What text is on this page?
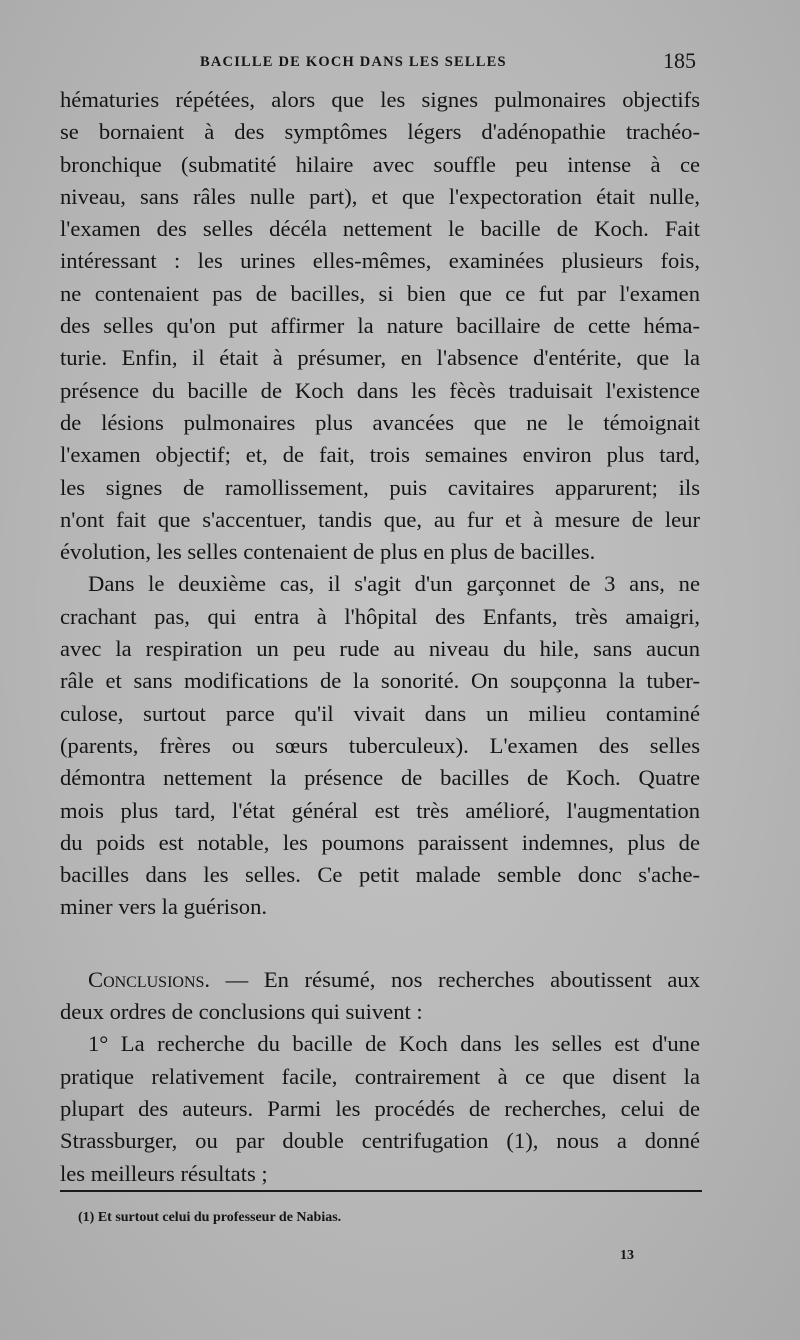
BACILLE DE KOCH DANS LES SELLES	185
hématuries répétées, alors que les signes pulmonaires objectifs
se bornaient à des symptômes légers d'adénopathie trachéo-
bronchique (submatité hilaire avec souffle peu intense à ce
niveau, sans râles nulle part), et que l'expectoration était nulle,
l'examen des selles décéla nettement le bacille de Koch. Fait
intéressant : les urines elles-mêmes, examinées plusieurs fois,
ne contenaient pas de bacilles, si bien que ce fut par l'examen
des selles qu'on put affirmer la nature bacillaire de cette héma-
turie. Enfin, il était à présumer, en l'absence d'entérite, que la
présence du bacille de Koch dans les fècès traduisait l'existence
de lésions pulmonaires plus avancées que ne le témoignait
l'examen objectif; et, de fait, trois semaines environ plus tard,
les signes de ramollissement, puis cavitaires apparurent; ils
n'ont fait que s'accentuer, tandis que, au fur et à mesure de leur
évolution, les selles contenaient de plus en plus de bacilles.
Dans le deuxième cas, il s'agit d'un garçonnet de 3 ans, ne
crachant pas, qui entra à l'hôpital des Enfants, très amaigri,
avec la respiration un peu rude au niveau du hile, sans aucun
râle et sans modifications de la sonorité. On soupçonna la tuber-
culose, surtout parce qu'il vivait dans un milieu contaminé
(parents, frères ou sœurs tuberculeux). L'examen des selles
démontra nettement la présence de bacilles de Koch. Quatre
mois plus tard, l'état général est très amélioré, l'augmentation
du poids est notable, les poumons paraissent indemnes, plus de
bacilles dans les selles. Ce petit malade semble donc s'ache-
miner vers la guérison.
Conclusions. — En résumé, nos recherches aboutissent aux
deux ordres de conclusions qui suivent :
1° La recherche du bacille de Koch dans les selles est d'une
pratique relativement facile, contrairement à ce que disent la
plupart des auteurs. Parmi les procédés de recherches, celui de
Strassburger, ou par double centrifugation (1), nous a donné
les meilleurs résultats ;
(1) Et surtout celui du professeur de Nabias.
13
